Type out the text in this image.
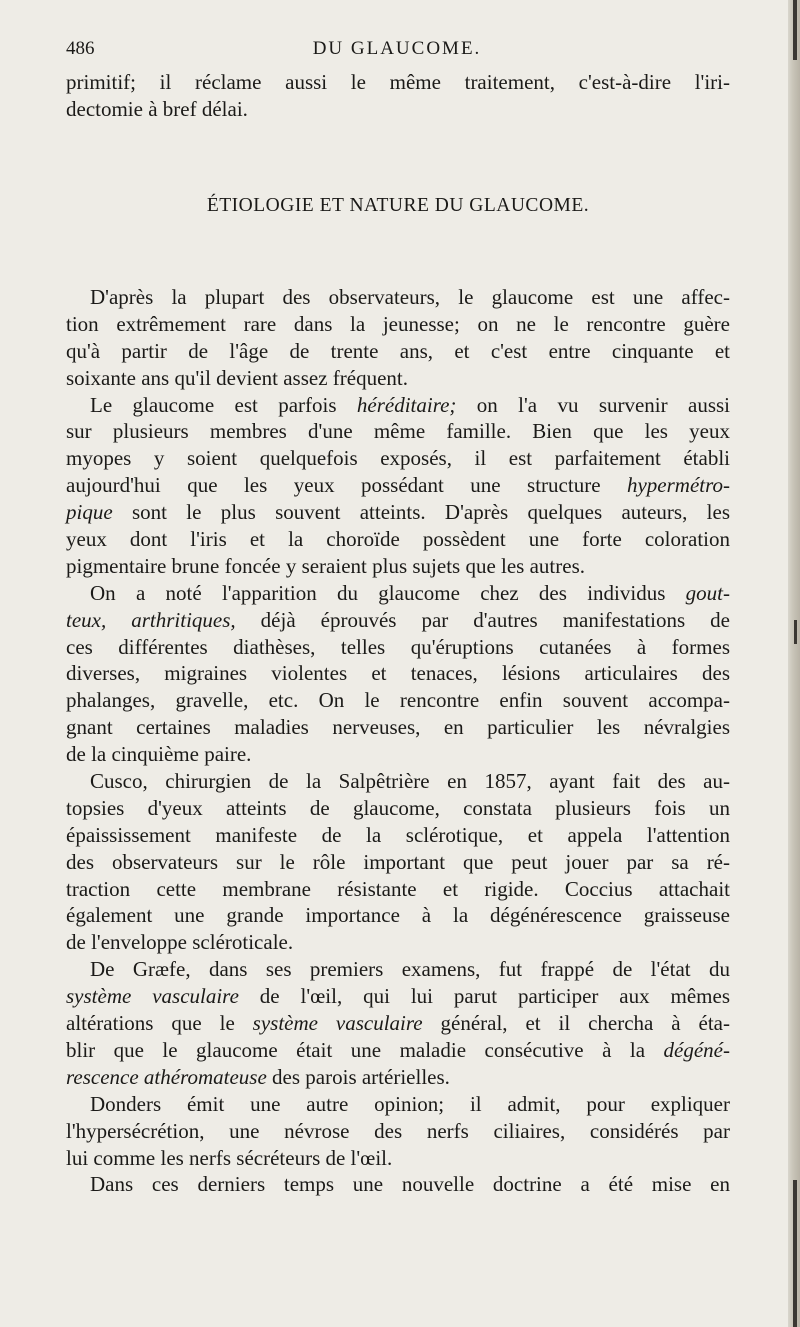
486	DU GLAUCOME.
primitif; il réclame aussi le même traitement, c'est-à-dire l'iri-
dectomie à bref délai.
ÉTIOLOGIE ET NATURE DU GLAUCOME.
D'après la plupart des observateurs, le glaucome est une affec-
tion extrêmement rare dans la jeunesse; on ne le rencontre guère
qu'à partir de l'âge de trente ans, et c'est entre cinquante et
soixante ans qu'il devient assez fréquent.
Le glaucome est parfois héréditaire; on l'a vu survenir aussi
sur plusieurs membres d'une même famille. Bien que les yeux
myopes y soient quelquefois exposés, il est parfaitement établi
aujourd'hui que les yeux possédant une structure hypermétro-
pique sont le plus souvent atteints. D'après quelques auteurs, les
yeux dont l'iris et la choroïde possèdent une forte coloration
pigmentaire brune foncée y seraient plus sujets que les autres.
On a noté l'apparition du glaucome chez des individus gout-
teux, arthritiques, déjà éprouvés par d'autres manifestations de
ces différentes diathèses, telles qu'éruptions cutanées à formes
diverses, migraines violentes et tenaces, lésions articulaires des
phalanges, gravelle, etc. On le rencontre enfin souvent accompa-
gnant certaines maladies nerveuses, en particulier les névralgies
de la cinquième paire.
Cusco, chirurgien de la Salpêtrière en 1857, ayant fait des au-
topsies d'yeux atteints de glaucome, constata plusieurs fois un
épaississement manifeste de la sclérotique, et appela l'attention
des observateurs sur le rôle important que peut jouer par sa ré-
traction cette membrane résistante et rigide. Coccius attachait
également une grande importance à la dégénérescence graisseuse
de l'enveloppe scléroticale.
De Græfe, dans ses premiers examens, fut frappé de l'état du
système vasculaire de l'œil, qui lui parut participer aux mêmes
altérations que le système vasculaire général, et il chercha à éta-
blir que le glaucome était une maladie consécutive à la dégéné-
rescence athéromateuse des parois artérielles.
Donders émit une autre opinion; il admit, pour expliquer
l'hypersécrétion, une névrose des nerfs ciliaires, considérés par
lui comme les nerfs sécréteurs de l'œil.
Dans ces derniers temps une nouvelle doctrine a été mise en
